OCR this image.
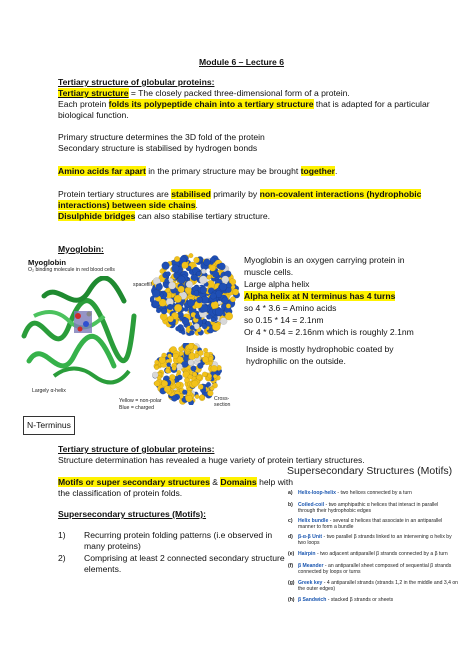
Module 6 – Lecture 6
Tertiary structure of globular proteins:
Tertiary structure = The closely packed three-dimensional form of a protein.
Each protein folds its polypeptide chain into a tertiary structure that is adapted for a particular
biological function.
Primary structure determines the 3D fold of the protein
Secondary structure is stabilised by hydrogen bonds
Amino acids far apart in the primary structure may be brought together.
Protein tertiary structures are stabilised primarily by non-covalent interactions (hydrophobic
interactions) between side chains.
Disulphide bridges can also stabilise tertiary structure.
Myoglobin:
Myoglobin
O₂ binding molecule in red blood cells
Largely α-helix
spacefill
Cross-
section
Yellow = non-polar
Blue = charged
Myoglobin is an oxygen carrying protein in
muscle cells.
Large alpha helix
Alpha helix at N terminus has 4 turns
so 4 * 3.6 = Amino acids
so 0.15 * 14 = 2.1nm
Or 4 * 0.54 = 2.16nm which is roughly 2.1nm
Inside is mostly hydrophobic coated by
hydrophilic on the outside.
N-Terminus
Tertiary structure of globular proteins:
Structure determination has revealed a huge variety of protein tertiary structures.
Motifs or super secondary structures & Domains help with
the classification of protein folds.
Supersecondary structures (Motifs):
1) Recurring protein folding patterns (i.e observed in
many proteins)
2) Comprising at least 2 connected secondary structure
elements.
Supersecondary Structures (Motifs)
a) Helix-loop-helix - two helices connected by a turn
b) Coiled-coil - two amphipathic α helices that interact in parallel
through their hydrophobic edges
c) Helix bundle - several α helices that associate in an antiparallel
manner to form a bundle
d) β-α-β Unit - two parallel β strands linked to an intervening α helix by
two loops
(e) Hairpin - two adjacent antiparallel β strands connected by a β turn
(f) β Meander - an antiparallel sheet composed of sequential β strands
connected by loops or turns
(g) Greek key - 4 antiparallel strands (strands 1,2 in the middle and 3,4 on
the outer edges)
(h) β Sandwich - stacked β strands or sheets
